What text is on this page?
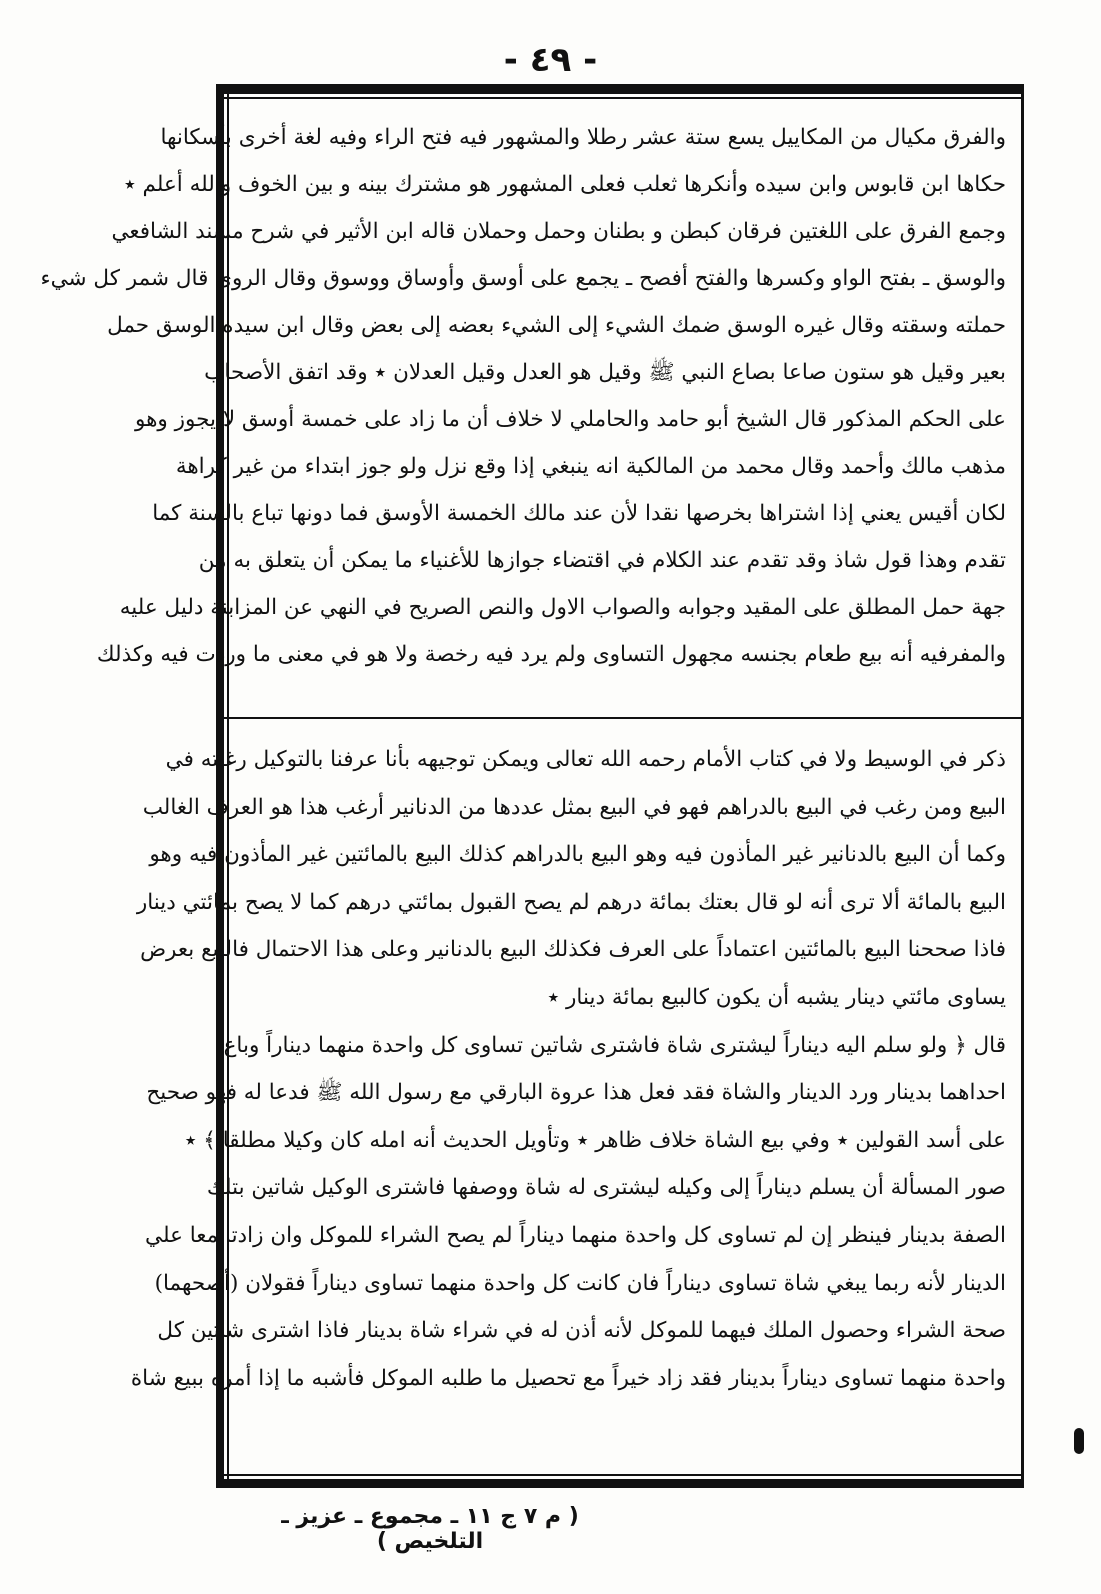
- ٤٩ -
والفرق مكيال من المكاييل يسع ستة عشر رطلا والمشهور فيه فتح الراء وفيه لغة أخرى بأسكانها
حكاها ابن قابوس وابن سيده وأنكرها ثعلب فعلى المشهور هو مشترك بينه و بين الخوف والله أعلم ٭
وجمع الفرق على اللغتين فرقان كبطن و بطنان وحمل وحملان قاله ابن الأثير في شرح مسند الشافعي
والوسق ـ بفتح الواو وكسرها والفتح أفصح ـ يجمع على أوسق وأوساق ووسوق وقال الروى قال شمر كل شيء
حملته وسقته وقال غيره الوسق ضمك الشيء إلى الشيء بعضه إلى بعض وقال ابن سيده الوسق حمل
بعير وقيل هو ستون صاعا بصاع النبي ﷺ وقيل هو العدل وقيل العدلان ٭ وقد اتفق الأصحاب
على الحكم المذكور قال الشيخ أبو حامد والحاملي لا خلاف أن ما زاد على خمسة أوسق لا يجوز وهو
مذهب مالك وأحمد وقال محمد من المالكية انه ينبغي إذا وقع نزل ولو جوز ابتداء من غير كراهة
لكان أقيس يعني إذا اشتراها بخرصها نقدا لأن عند مالك الخمسة الأوسق فما دونها تباع بالسنة كما
تقدم وهذا قول شاذ وقد تقدم عند الكلام في اقتضاء جوازها للأغنياء ما يمكن أن يتعلق به من
جهة حمل المطلق على المقيد وجوابه والصواب الاول والنص الصريح في النهي عن المزابنة دليل عليه
والمفرفيه أنه بيع طعام بجنسه مجهول التساوى ولم يرد فيه رخصة ولا هو في معنى ما وردت فيه وكذلك
ذكر في الوسيط ولا في كتاب الأمام رحمه الله تعالى ويمكن توجيهه بأنا عرفنا بالتوكيل رغبته في
البيع ومن رغب في البيع بالدراهم فهو في البيع بمثل عددها من الدنانير أرغب هذا هو العرف الغالب
وكما أن البيع بالدنانير غير المأذون فيه وهو البيع بالدراهم كذلك البيع بالمائتين غير المأذون فيه وهو
البيع بالمائة ألا ترى أنه لو قال بعتك بمائة درهم لم يصح القبول بمائتي درهم كما لا يصح بمائتي دينار
فاذا صححنا البيع بالمائتين اعتماداً على العرف فكذلك البيع بالدنانير وعلى هذا الاحتمال فالبيع بعرض
يساوى مائتي دينار يشبه أن يكون كالبيع بمائة دينار ٭
قال ﴿ ولو سلم اليه ديناراً ليشترى شاة فاشترى شاتين تساوى كل واحدة منهما ديناراً وباع
احداهما بدينار ورد الدينار والشاة فقد فعل هذا عروة البارقي مع رسول الله ﷺ فدعا له فهو صحيح
على أسد القولين ٭ وفي بيع الشاة خلاف ظاهر ٭ وتأويل الحديث أنه امله كان وكيلا مطلقا ﴾ ٭
صور المسألة أن يسلم ديناراً إلى وكيله ليشترى له شاة ووصفها فاشترى الوكيل شاتين بتلك
الصفة بدينار فينظر إن لم تساوى كل واحدة منهما ديناراً لم يصح الشراء للموكل وان زادتا معا علي
الدينار لأنه ربما يبغي شاة تساوى ديناراً فان كانت كل واحدة منهما تساوى ديناراً فقولان (أصحهما)
صحة الشراء وحصول الملك فيهما للموكل لأنه أذن له في شراء شاة بدينار فاذا اشترى شاتين كل
واحدة منهما تساوى ديناراً بدينار فقد زاد خيراً مع تحصيل ما طلبه الموكل فأشبه ما إذا أمره ببيع شاة
( م ٧ ج ١١ ـ مجموع ـ عزيز ـ التلخيص )
